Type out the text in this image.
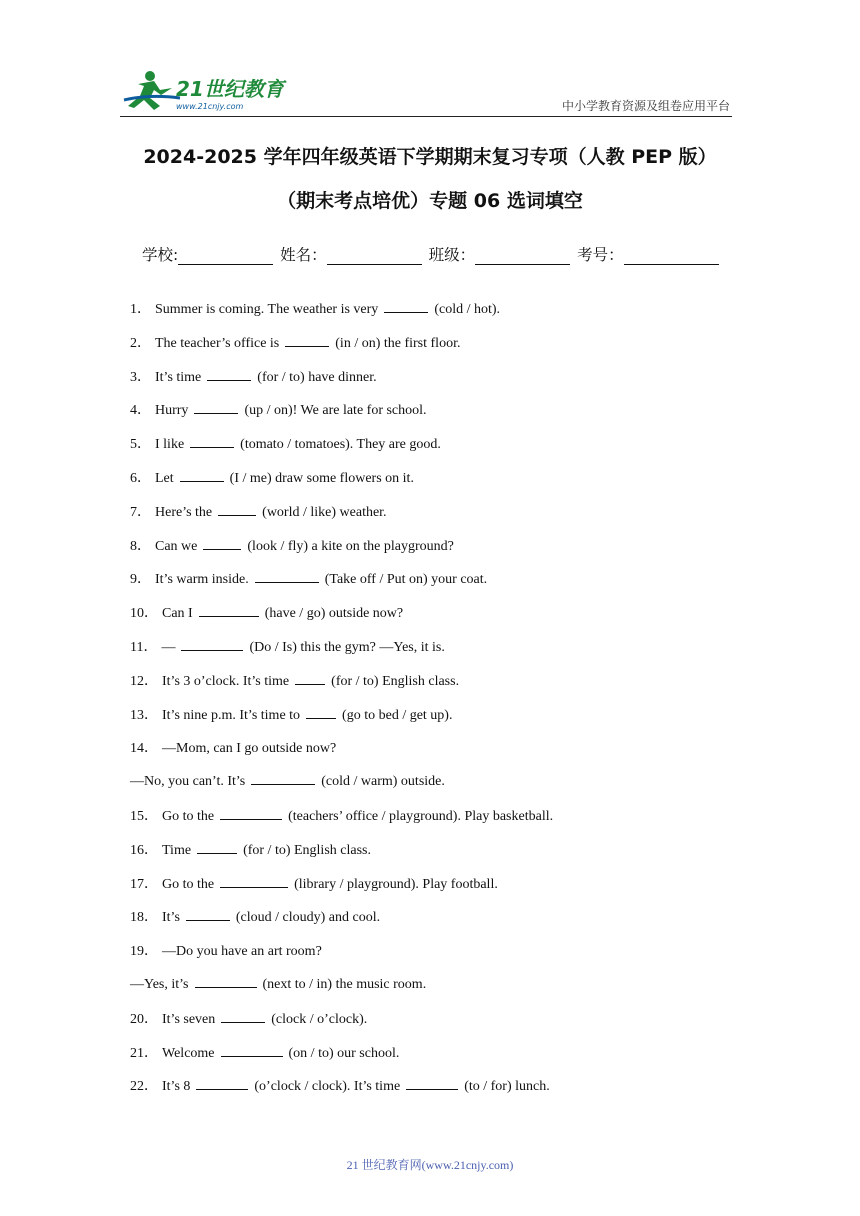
21世纪教育
www.21cnjy.com	中小学教育资源及组卷应用平台
2024-2025 学年四年级英语下学期期末复习专项（人教 PEP 版）
（期末考点培优）专题 06 选词填空
学校:	姓名：	班级：	考号：
1． Summer is coming. The weather is very	(cold / hot).
2． The teacher’s office is	(in / on) the first floor.
3． It’s time	(for / to) have dinner.
4． Hurry	(up / on)! We are late for school.
5． I like	(tomato / tomatoes). They are good.
6． Let	(I / me) draw some flowers on it.
7． Here’s the	(world / like) weather.
8． Can we	(look / fly) a kite on the playground?
9． It’s warm inside.	(Take off / Put on) your coat.
10． Can I	(have / go) outside now?
11． —	(Do / Is) this the gym? —Yes, it is.
12． It’s 3 o’clock. It’s time	(for / to) English class.
13． It’s nine p.m. It’s time to	(go to bed / get up).
14． —Mom, can I go outside now?
—No, you can’t. It’s	(cold / warm) outside.
15． Go to the	(teachers’ office / playground). Play basketball.
16． Time	(for / to) English class.
17． Go to the	(library / playground). Play football.
18． It’s	(cloud / cloudy) and cool.
19． —Do you have an art room?
—Yes, it’s	(next to / in) the music room.
20． It’s seven	(clock / o’clock).
21． Welcome	(on / to) our school.
22． It’s 8	(o’clock / clock). It’s time	(to / for) lunch.
21 世纪教育网(www.21cnjy.com)
